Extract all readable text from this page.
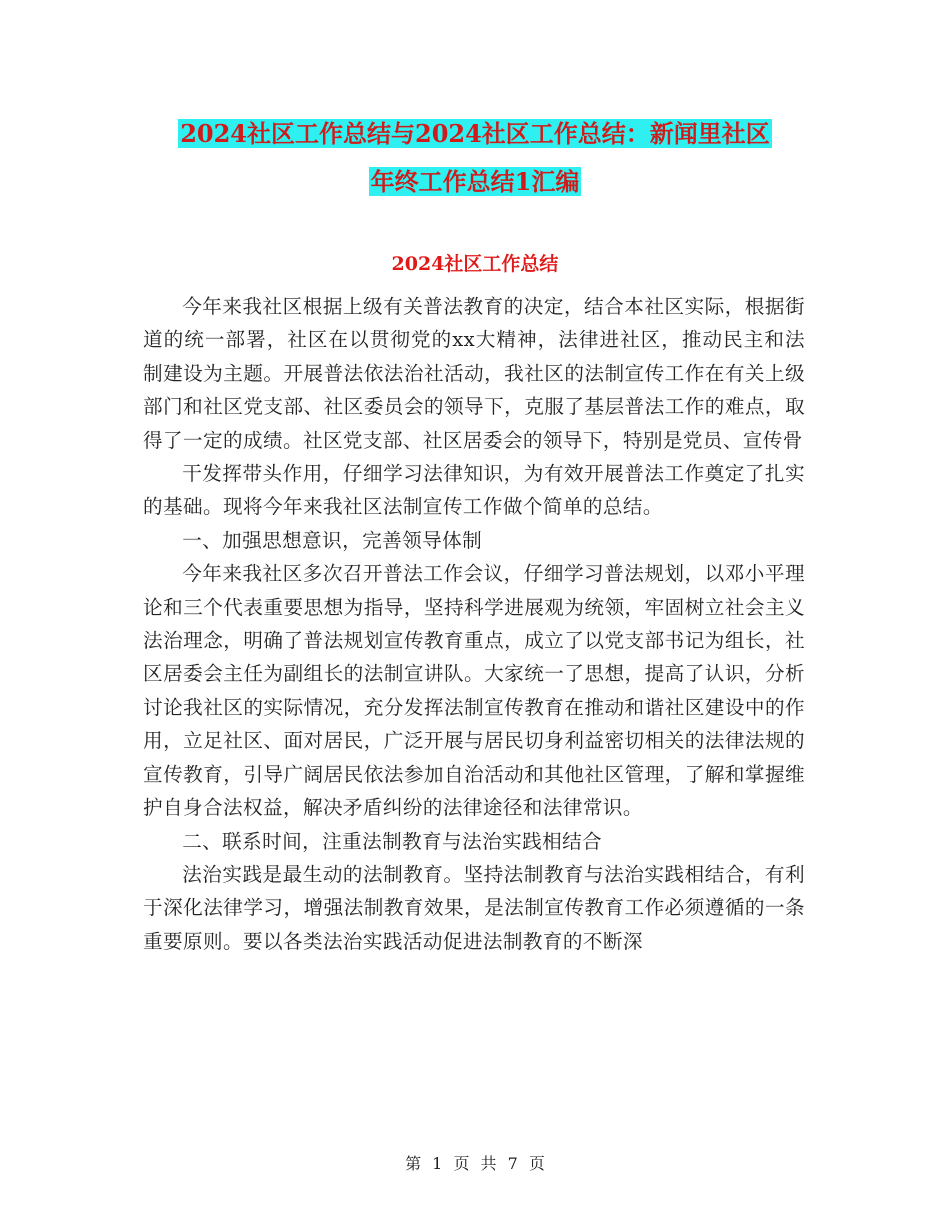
2024社区工作总结与2024社区工作总结：新闻里社区
年终工作总结1汇编
2024社区工作总结

今年来我社区根据上级有关普法教育的决定，结合本社区实际，根据街道的统一部署，社区在以贯彻党的xx大精神，法律进社区，推动民主和法制建设为主题。开展普法依法治社活动，我社区的法制宣传工作在有关上级部门和社区党支部、社区委员会的领导下，克服了基层普法工作的难点，取得了一定的成绩。社区党支部、社区居委会的领导下，特别是党员、宣传骨

干发挥带头作用，仔细学习法律知识，为有效开展普法工作奠定了扎实的基础。现将今年来我社区法制宣传工作做个简单的总结。

一、加强思想意识，完善领导体制

今年来我社区多次召开普法工作会议，仔细学习普法规划，以邓小平理论和三个代表重要思想为指导，坚持科学进展观为统领，牢固树立社会主义法治理念，明确了普法规划宣传教育重点，成立了以党支部书记为组长，社区居委会主任为副组长的法制宣讲队。大家统一了思想，提高了认识，分析讨论我社区的实际情况，充分发挥法制宣传教育在推动和谐社区建设中的作用，立足社区、面对居民，广泛开展与居民切身利益密切相关的法律法规的宣传教育，引导广阔居民依法参加自治活动和其他社区管理，了解和掌握维护自身合法权益，解决矛盾纠纷的法律途径和法律常识。

二、联系时间，注重法制教育与法治实践相结合

法治实践是最生动的法制教育。坚持法制教育与法治实践相结合，有利于深化法律学习，增强法制教育效果，是法制宣传教育工作必须遵循的一条重要原则。要以各类法治实践活动促进法制教育的不断深

第 1 页 共 7 页
